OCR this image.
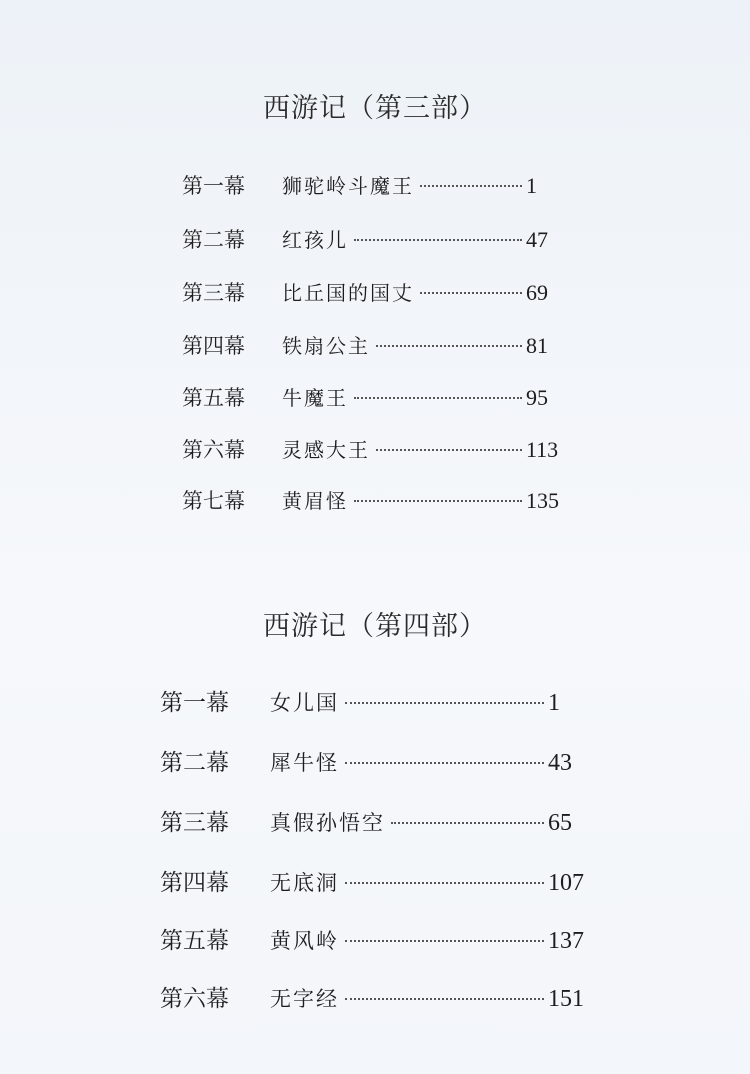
西游记（第三部）
第一幕	狮驼岭斗魔王	1
第二幕	红孩儿	47
第三幕	比丘国的国丈	69
第四幕	铁扇公主	81
第五幕	牛魔王	95
第六幕	灵感大王	113
第七幕	黄眉怪	135
西游记（第四部）
第一幕	女儿国	1
第二幕	犀牛怪	43
第三幕	真假孙悟空	65
第四幕	无底洞	107
第五幕	黄风岭	137
第六幕	无字经	151
